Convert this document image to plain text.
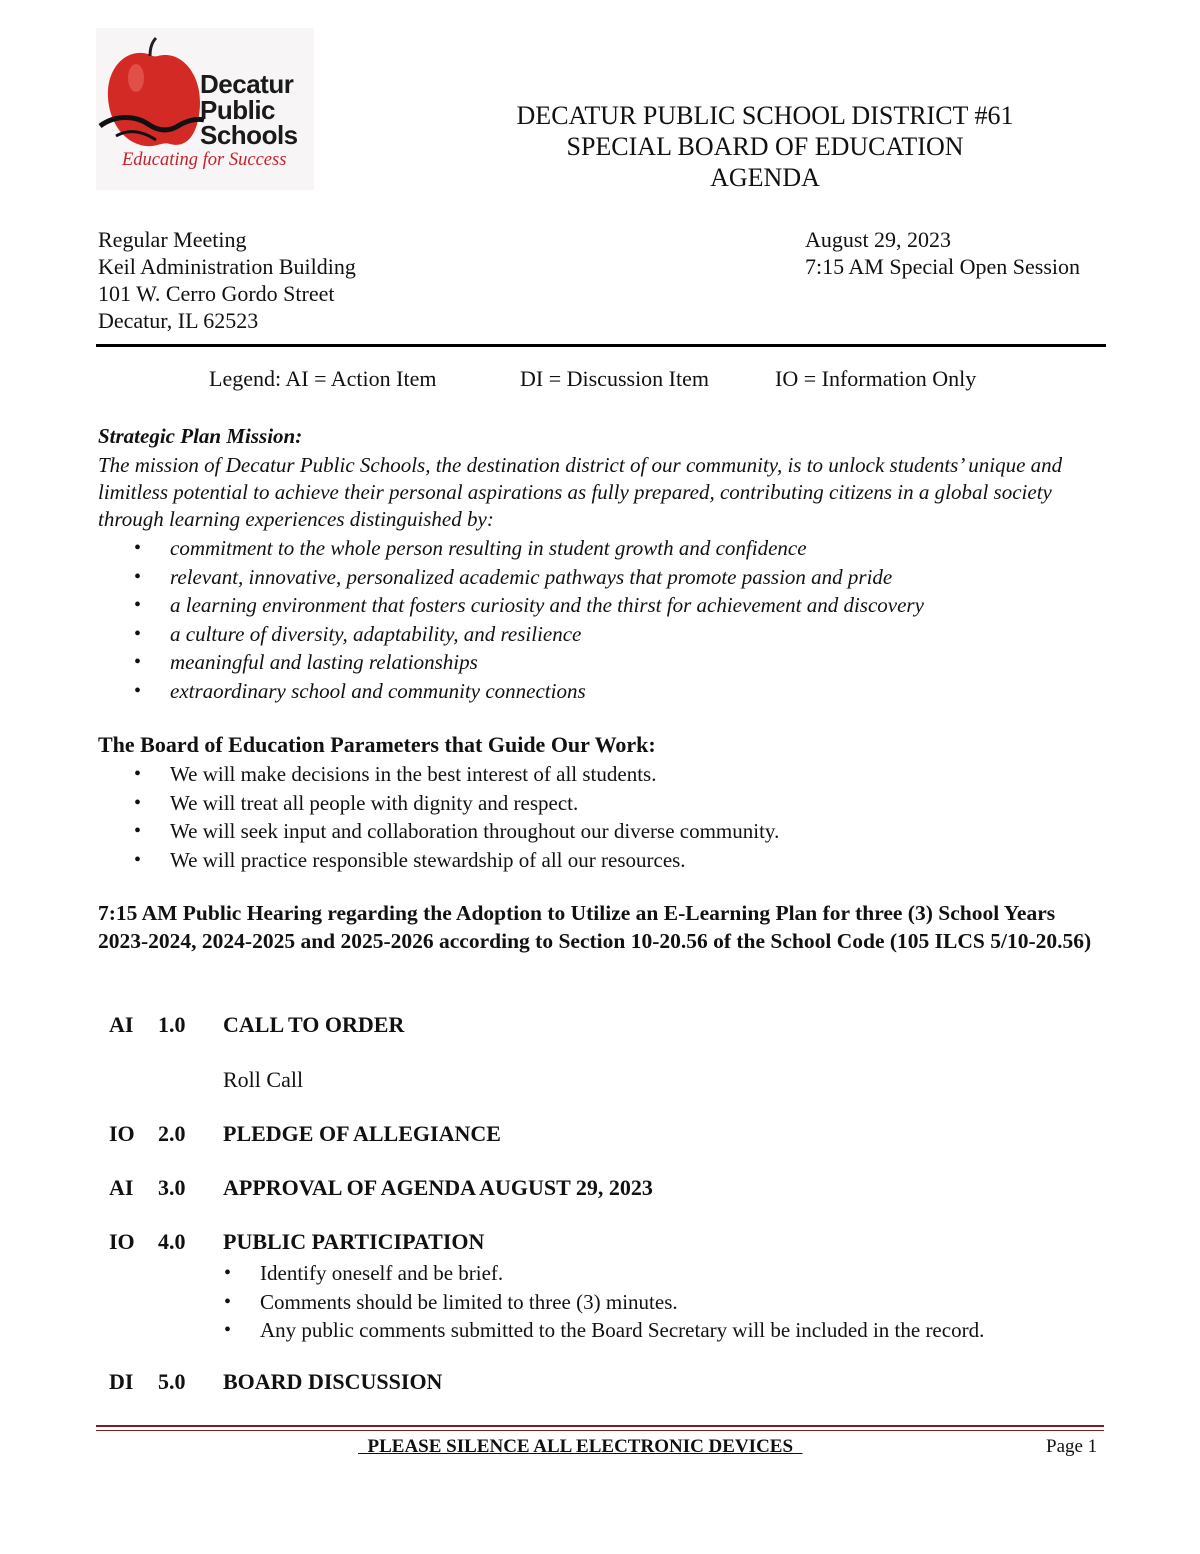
Decatur
Public
Schools
Educating for Success
DECATUR PUBLIC SCHOOL DISTRICT #61
SPECIAL BOARD OF EDUCATION
AGENDA
Regular Meeting
Keil Administration Building
101 W. Cerro Gordo Street
Decatur, IL 62523
August 29, 2023
7:15 AM Special Open Session
Legend: AI = Action Item	DI = Discussion Item	IO = Information Only
Strategic Plan Mission:
The mission of Decatur Public Schools, the destination district of our community, is to unlock students’ unique and limitless potential to achieve their personal aspirations as fully prepared, contributing citizens in a global society through learning experiences distinguished by:
• commitment to the whole person resulting in student growth and confidence
• relevant, innovative, personalized academic pathways that promote passion and pride
• a learning environment that fosters curiosity and the thirst for achievement and discovery
• a culture of diversity, adaptability, and resilience
• meaningful and lasting relationships
• extraordinary school and community connections
The Board of Education Parameters that Guide Our Work:
• We will make decisions in the best interest of all students.
• We will treat all people with dignity and respect.
• We will seek input and collaboration throughout our diverse community.
• We will practice responsible stewardship of all our resources.
7:15 AM Public Hearing regarding the Adoption to Utilize an E-Learning Plan for three (3) School Years 2023-2024, 2024-2025 and 2025-2026 according to Section 10-20.56 of the School Code (105 ILCS 5/10-20.56)
AI 1.0 CALL TO ORDER
Roll Call
IO 2.0 PLEDGE OF ALLEGIANCE
AI 3.0 APPROVAL OF AGENDA AUGUST 29, 2023
IO 4.0 PUBLIC PARTICIPATION
• Identify oneself and be brief.
• Comments should be limited to three (3) minutes.
• Any public comments submitted to the Board Secretary will be included in the record.
DI 5.0 BOARD DISCUSSION
PLEASE SILENCE ALL ELECTRONIC DEVICES	Page 1
